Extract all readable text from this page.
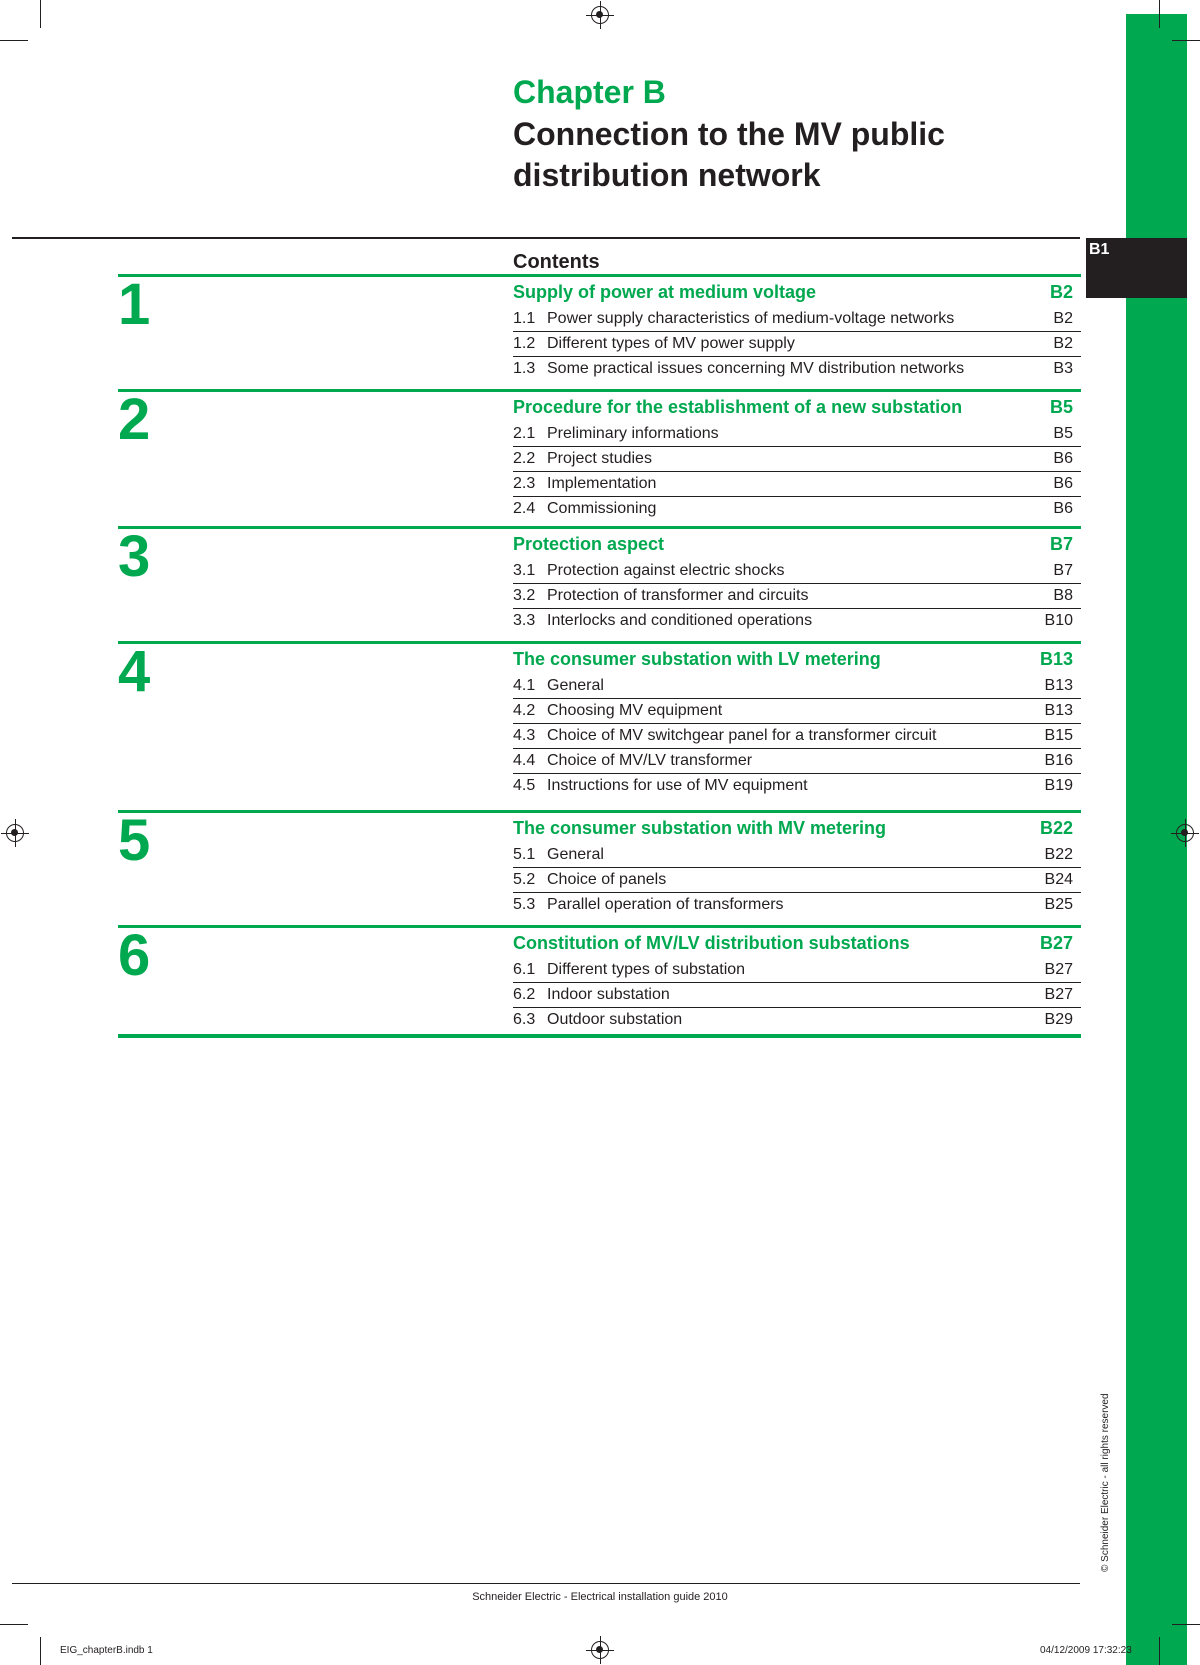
B1
© Schneider Electric - all rights reserved
Chapter B
Connection to the MV public distribution network
Contents
1	Supply of power at medium voltage	B2
1.1 Power supply characteristics of medium-voltage networks	B2
1.2 Different types of MV power supply	B2
1.3 Some practical issues concerning MV distribution networks	B3
2	Procedure for the establishment of a new substation	B5
2.1 Preliminary informations	B5
2.2 Project studies	B6
2.3 Implementation	B6
2.4 Commissioning	B6
3	Protection aspect	B7
3.1 Protection against electric shocks	B7
3.2 Protection of transformer and circuits	B8
3.3 Interlocks and conditioned operations	B10
4	The consumer substation with LV metering	B13
4.1 General	B13
4.2 Choosing MV equipment	B13
4.3 Choice of MV switchgear panel for a transformer circuit	B15
4.4 Choice of MV/LV transformer	B16
4.5 Instructions for use of MV equipment	B19
5	The consumer substation with MV metering	B22
5.1 General	B22
5.2 Choice of panels	B24
5.3 Parallel operation of transformers	B25
6	Constitution of MV/LV distribution substations	B27
6.1 Different types of substation	B27
6.2 Indoor substation	B27
6.3 Outdoor substation	B29
Schneider Electric - Electrical installation guide 2010
EIG_chapterB.indb 1	04/12/2009 17:32:23
